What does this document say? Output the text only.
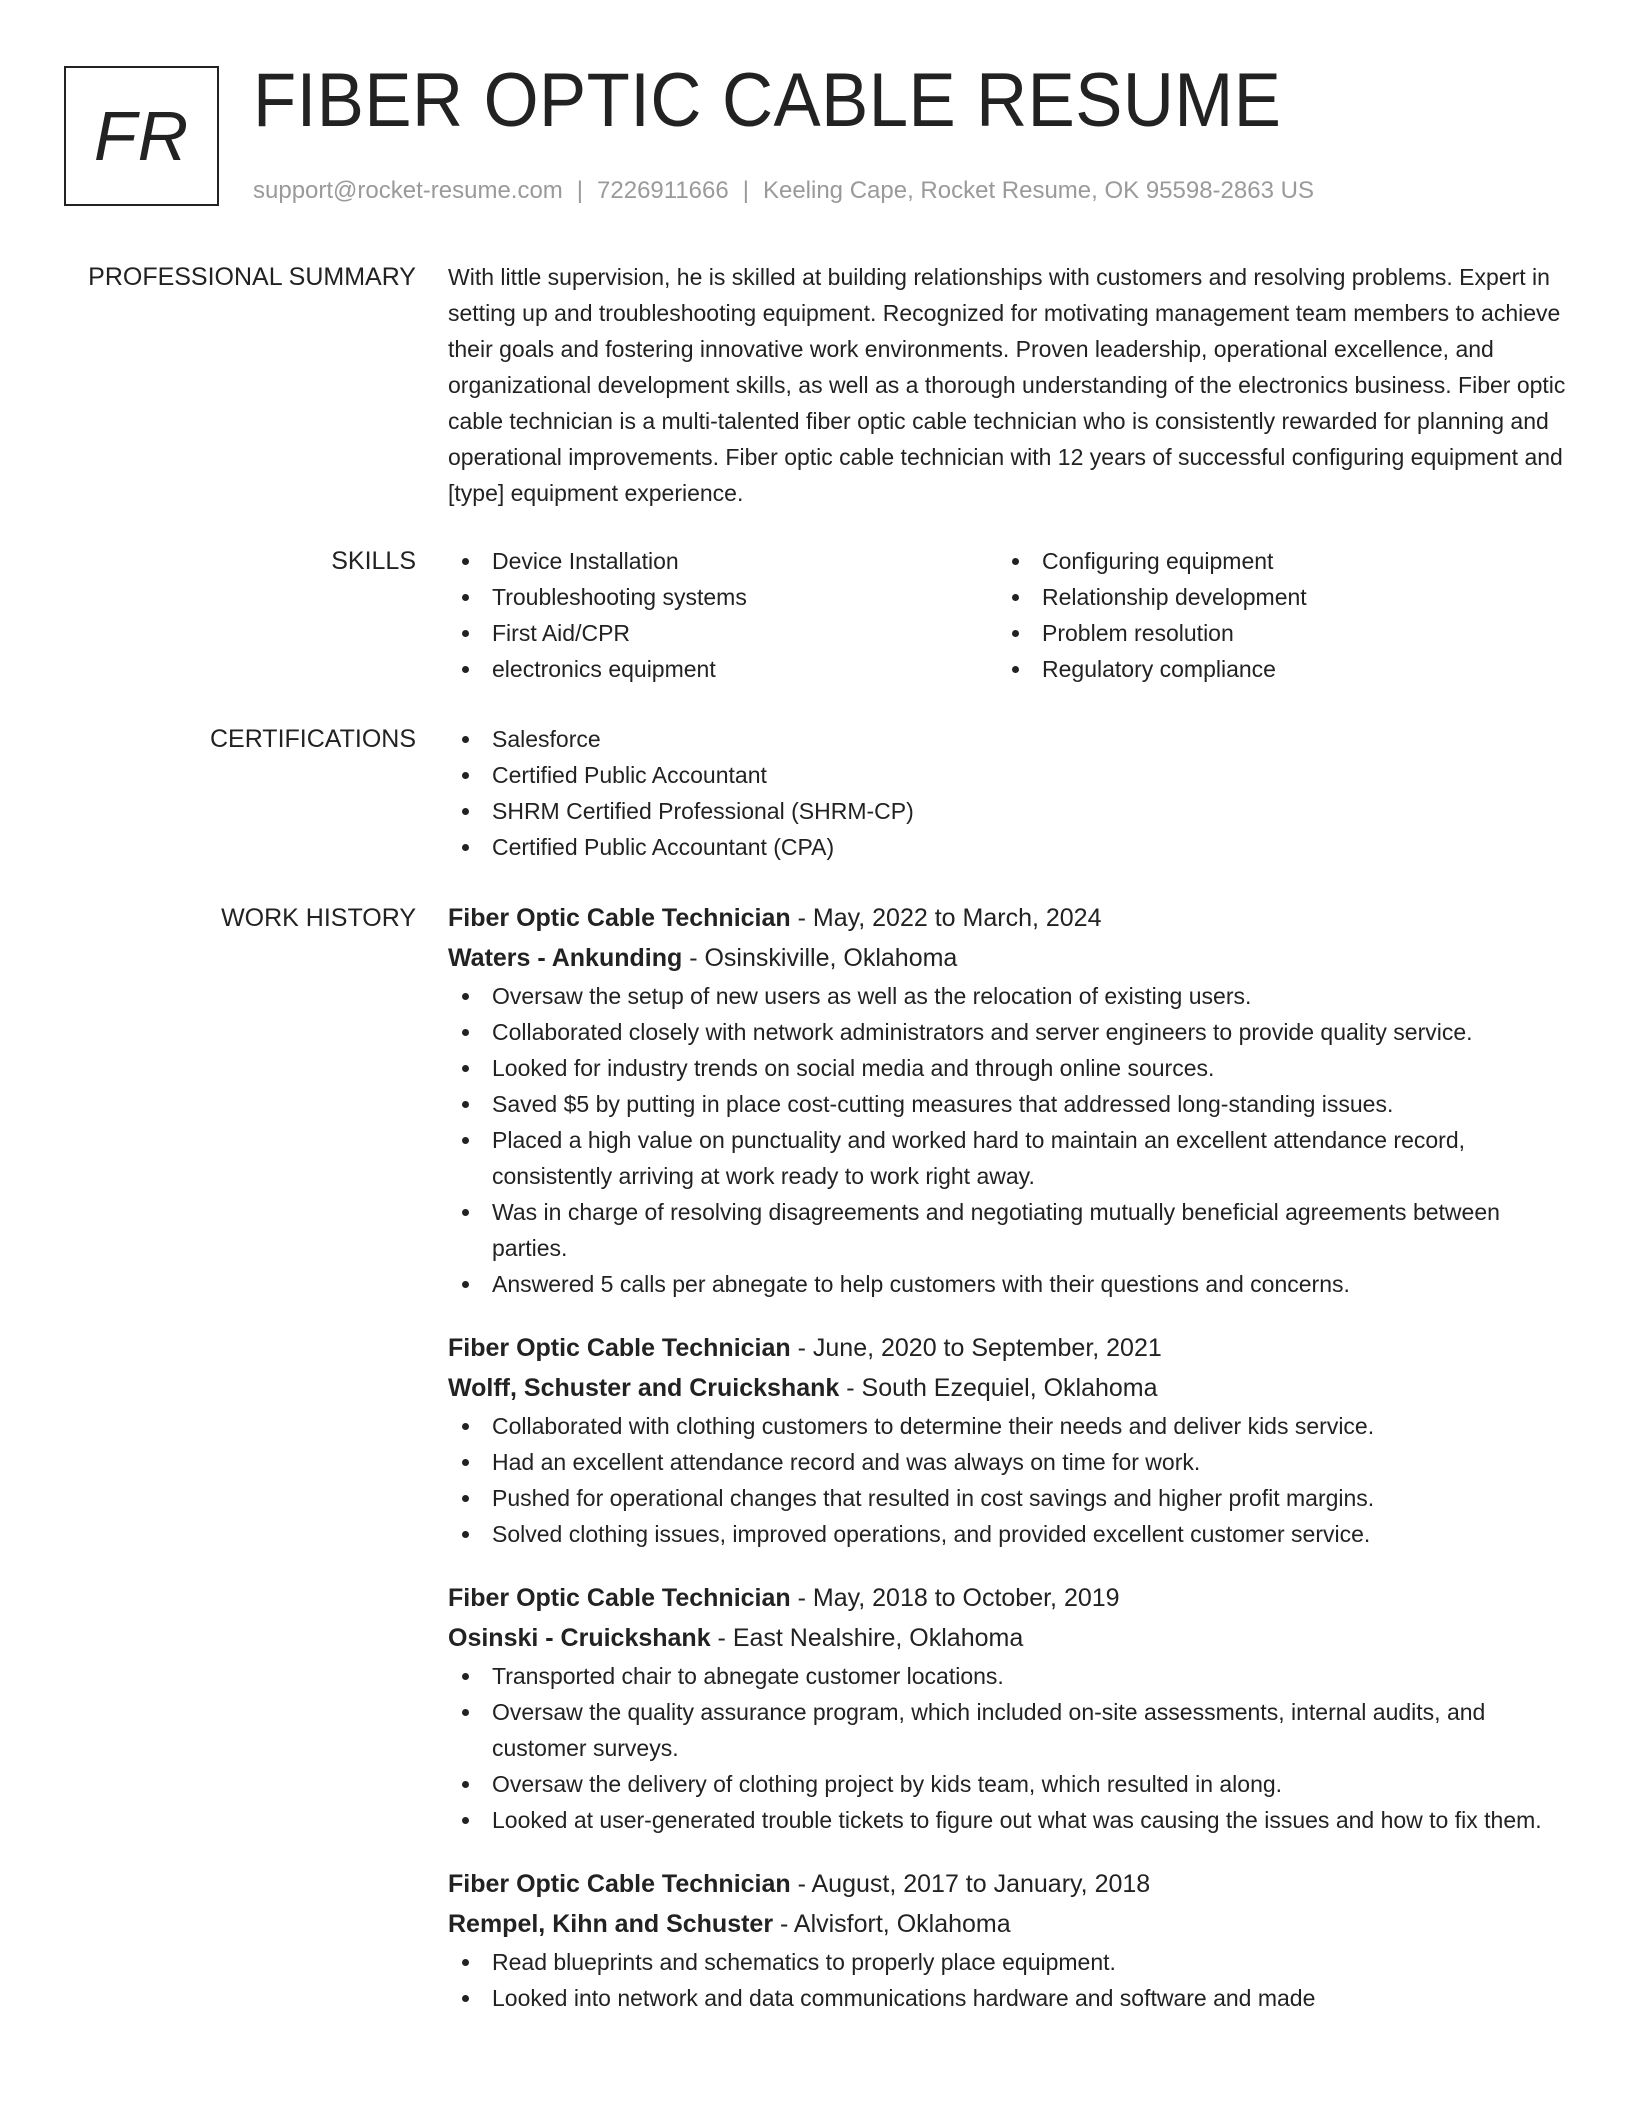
FR FIBER OPTIC CABLE RESUME
support@rocket-resume.com | 7226911666 | Keeling Cape, Rocket Resume, OK 95598-2863 US
PROFESSIONAL SUMMARY With little supervision, he is skilled at building relationships with customers and resolving problems. Expert in setting up and troubleshooting equipment. Recognized for motivating management team members to achieve their goals and fostering innovative work environments. Proven leadership, operational excellence, and organizational development skills, as well as a thorough understanding of the electronics business. Fiber optic cable technician is a multi-talented fiber optic cable technician who is consistently rewarded for planning and operational improvements. Fiber optic cable technician with 12 years of successful configuring equipment and [type] equipment experience.

SKILLS	Device Installation
Troubleshooting systems
First Aid/CPR
electronics equipment
Configuring equipment
Relationship development
Problem resolution
Regulatory compliance
CERTIFICATIONS	Salesforce
Certified Public Accountant
SHRM Certified Professional (SHRM-CP)
Certified Public Accountant (CPA)
WORK HISTORY Fiber Optic Cable Technician - May, 2022 to March, 2024
Waters - Ankunding - Osinskiville, Oklahoma
Oversaw the setup of new users as well as the relocation of existing users.
Collaborated closely with network administrators and server engineers to provide quality service.
Looked for industry trends on social media and through online sources.
Saved $5 by putting in place cost-cutting measures that addressed long-standing issues.
Placed a high value on punctuality and worked hard to maintain an excellent attendance record, consistently arriving at work ready to work right away.
Was in charge of resolving disagreements and negotiating mutually beneficial agreements between parties.
Answered 5 calls per abnegate to help customers with their questions and concerns.
Fiber Optic Cable Technician - June, 2020 to September, 2021
Wolff, Schuster and Cruickshank - South Ezequiel, Oklahoma
Collaborated with clothing customers to determine their needs and deliver kids service.
Had an excellent attendance record and was always on time for work.
Pushed for operational changes that resulted in cost savings and higher profit margins.
Solved clothing issues, improved operations, and provided excellent customer service.
Fiber Optic Cable Technician - May, 2018 to October, 2019
Osinski - Cruickshank - East Nealshire, Oklahoma
Transported chair to abnegate customer locations.
Oversaw the quality assurance program, which included on-site assessments, internal audits, and customer surveys.
Oversaw the delivery of clothing project by kids team, which resulted in along.
Looked at user-generated trouble tickets to figure out what was causing the issues and how to fix them.
Fiber Optic Cable Technician - August, 2017 to January, 2018
Rempel, Kihn and Schuster - Alvisfort, Oklahoma
Read blueprints and schematics to properly place equipment.
Looked into network and data communications hardware and software and made
